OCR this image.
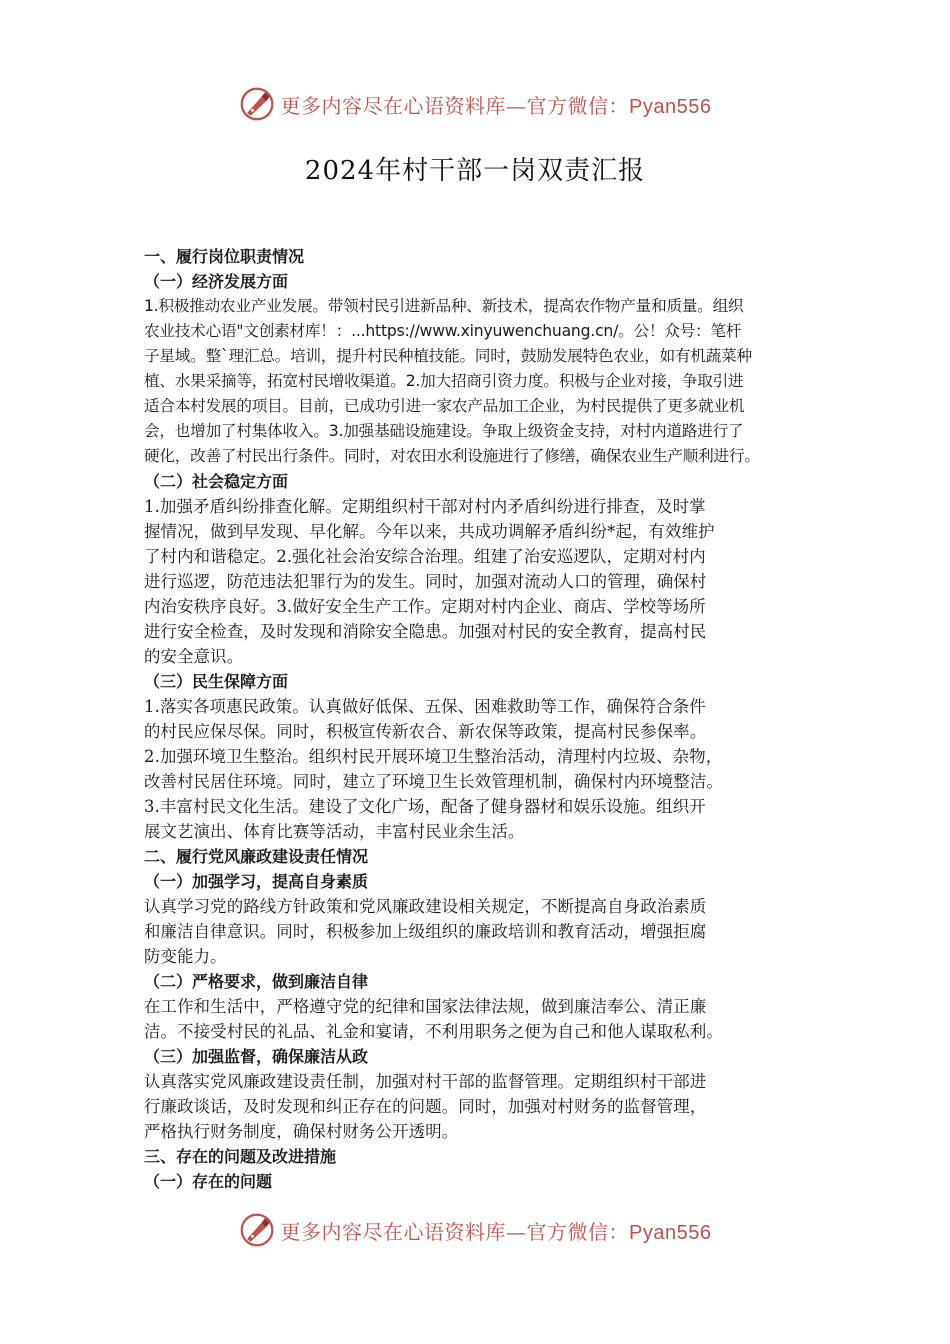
更多内容尽在心语资料库—官方微信：Pyan556
2024年村干部一岗双责汇报
一、履行岗位职责情况
（一）经济发展方面
1.积极推动农业产业发展。带领村民引进新品种、新技术，提高农作物产量和质量。组织
农业技术心语"文创素材库！：...https://www.xinyuwenchuang.cn/。公！众号：笔杆
子星域。整`理汇总。培训，提升村民种植技能。同时，鼓励发展特色农业，如有机蔬菜种
植、水果采摘等，拓宽村民增收渠道。2.加大招商引资力度。积极与企业对接，争取引进
适合本村发展的项目。目前，已成功引进一家农产品加工企业，为村民提供了更多就业机
会，也增加了村集体收入。3.加强基础设施建设。争取上级资金支持，对村内道路进行了
硬化，改善了村民出行条件。同时，对农田水利设施进行了修缮，确保农业生产顺利进行。
（二）社会稳定方面
1.加强矛盾纠纷排查化解。定期组织村干部对村内矛盾纠纷进行排查，及时掌
握情况，做到早发现、早化解。今年以来，共成功调解矛盾纠纷*起，有效维护
了村内和谐稳定。2.强化社会治安综合治理。组建了治安巡逻队，定期对村内
进行巡逻，防范违法犯罪行为的发生。同时，加强对流动人口的管理，确保村
内治安秩序良好。3.做好安全生产工作。定期对村内企业、商店、学校等场所
进行安全检查，及时发现和消除安全隐患。加强对村民的安全教育，提高村民
的安全意识。
（三）民生保障方面
1.落实各项惠民政策。认真做好低保、五保、困难救助等工作，确保符合条件
的村民应保尽保。同时，积极宣传新农合、新农保等政策，提高村民参保率。
2.加强环境卫生整治。组织村民开展环境卫生整治活动，清理村内垃圾、杂物，
改善村民居住环境。同时，建立了环境卫生长效管理机制，确保村内环境整洁。
3.丰富村民文化生活。建设了文化广场，配备了健身器材和娱乐设施。组织开
展文艺演出、体育比赛等活动，丰富村民业余生活。
二、履行党风廉政建设责任情况
（一）加强学习，提高自身素质
认真学习党的路线方针政策和党风廉政建设相关规定，不断提高自身政治素质
和廉洁自律意识。同时，积极参加上级组织的廉政培训和教育活动，增强拒腐
防变能力。
（二）严格要求，做到廉洁自律
在工作和生活中，严格遵守党的纪律和国家法律法规，做到廉洁奉公、清正廉
洁。不接受村民的礼品、礼金和宴请，不利用职务之便为自己和他人谋取私利。
（三）加强监督，确保廉洁从政
认真落实党风廉政建设责任制，加强对村干部的监督管理。定期组织村干部进
行廉政谈话，及时发现和纠正存在的问题。同时，加强对村财务的监督管理，
严格执行财务制度，确保村财务公开透明。
三、存在的问题及改进措施
（一）存在的问题
更多内容尽在心语资料库—官方微信：Pyan556
